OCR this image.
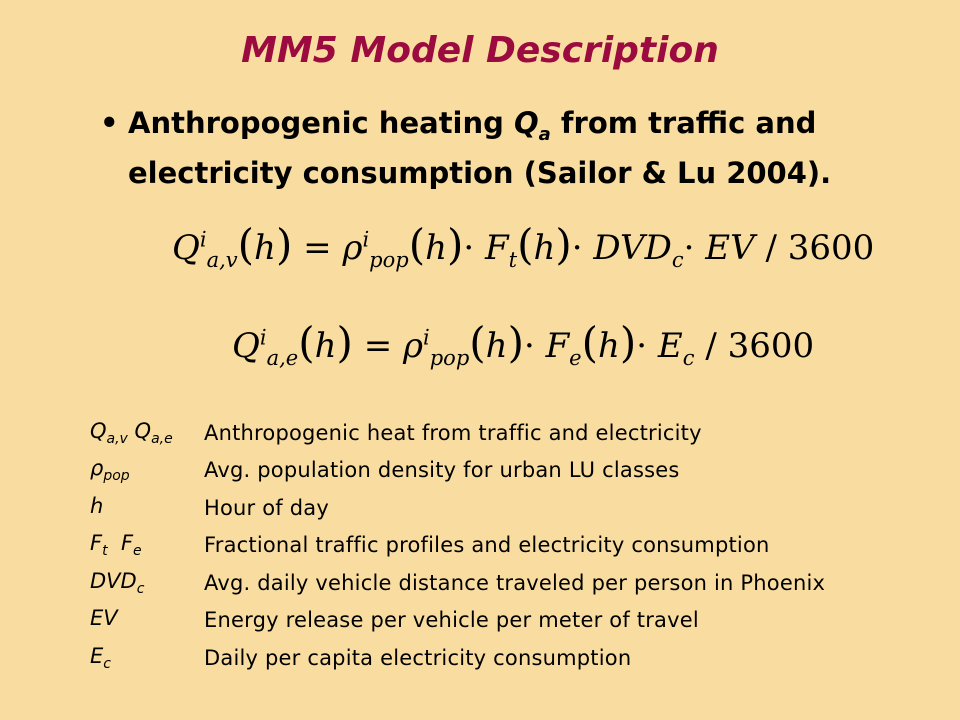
MM5 Model Description
• Anthropogenic heating $Q_a$ from traffic and electricity consumption (Sailor & Lu 2004).
$Q^i_{a,v}(h) = \rho^i_{pop}(h)\cdot F_t(h)\cdot DVD_c\cdot$ EV / 3600
$Q^i_{a,e}(h) = \rho^i_{pop}(h)\cdot F_e(h)\cdot E_c / 3600$
$Q_{a,v}$ $Q_{a,e}$	Anthropogenic heat from traffic and electricity
$\rho_{pop}$	Avg. population density for urban LU classes
h	Hour of day
$F_t$  $F_e$	Fractional traffic profiles and electricity consumption
$DVD_c$	Avg. daily vehicle distance traveled per person in Phoenix
EV	Energy release per vehicle per meter of travel
$E_c$	Daily per capita electricity consumption
